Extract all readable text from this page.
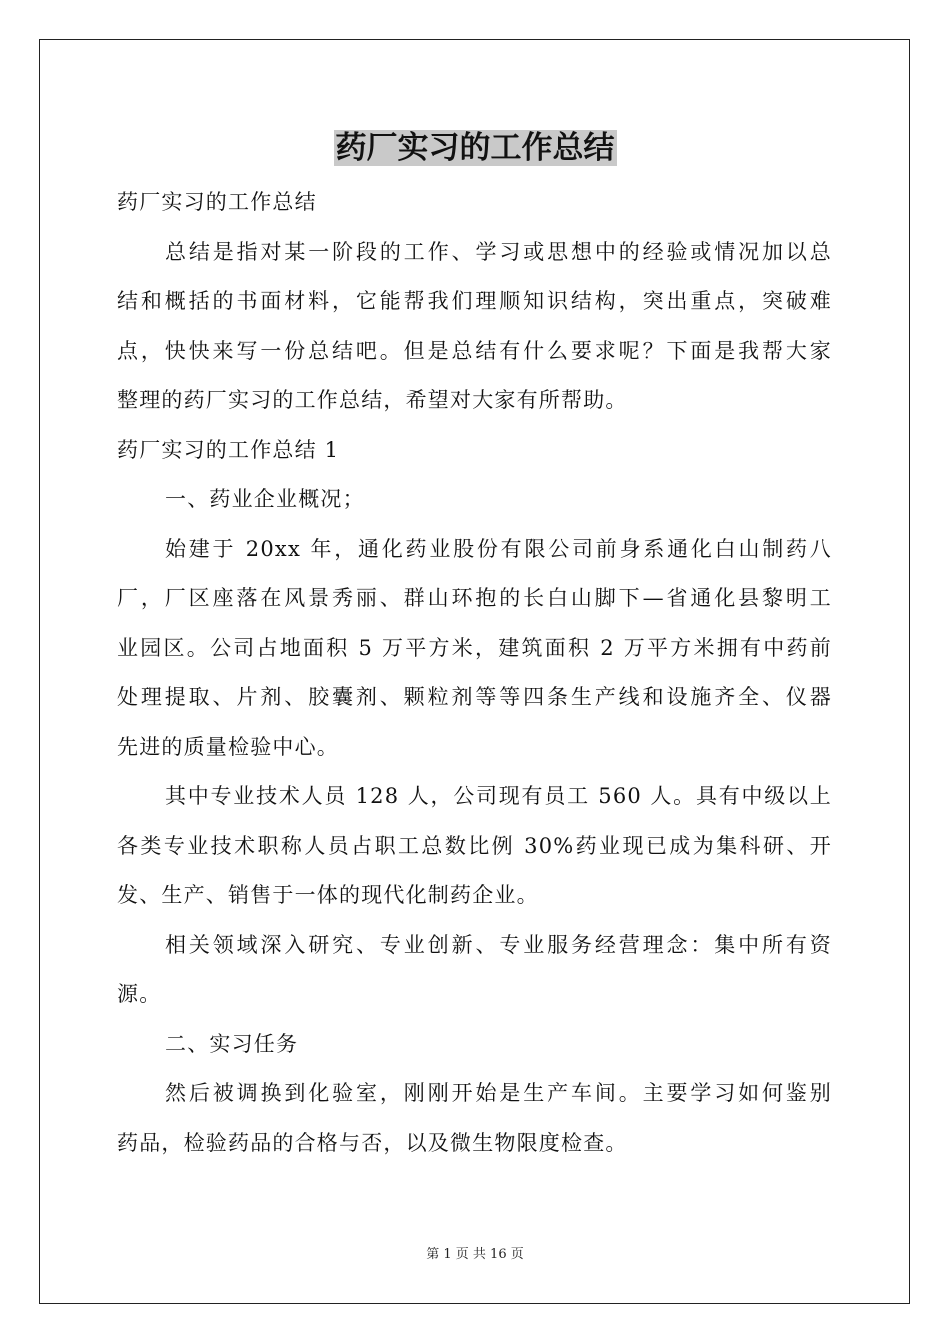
药厂实习的工作总结
药厂实习的工作总结
总结是指对某一阶段的工作、学习或思想中的经验或情况加以总
结和概括的书面材料，它能帮我们理顺知识结构，突出重点，突破难
点，快快来写一份总结吧。但是总结有什么要求呢？下面是我帮大家
整理的药厂实习的工作总结，希望对大家有所帮助。
药厂实习的工作总结 1
一、药业企业概况；
始建于 20xx 年，通化药业股份有限公司前身系通化白山制药八
厂，厂区座落在风景秀丽、群山环抱的长白山脚下—省通化县黎明工
业园区。公司占地面积 5 万平方米，建筑面积 2 万平方米拥有中药前
处理提取、片剂、胶囊剂、颗粒剂等等四条生产线和设施齐全、仪器
先进的质量检验中心。
其中专业技术人员 128 人，公司现有员工 560 人。具有中级以上
各类专业技术职称人员占职工总数比例 30%药业现已成为集科研、开
发、生产、销售于一体的现代化制药企业。
相关领域深入研究、专业创新、专业服务经营理念：集中所有资
源。
二、实习任务
然后被调换到化验室，刚刚开始是生产车间。主要学习如何鉴别
药品，检验药品的合格与否，以及微生物限度检查。
第 1 页 共 16 页
